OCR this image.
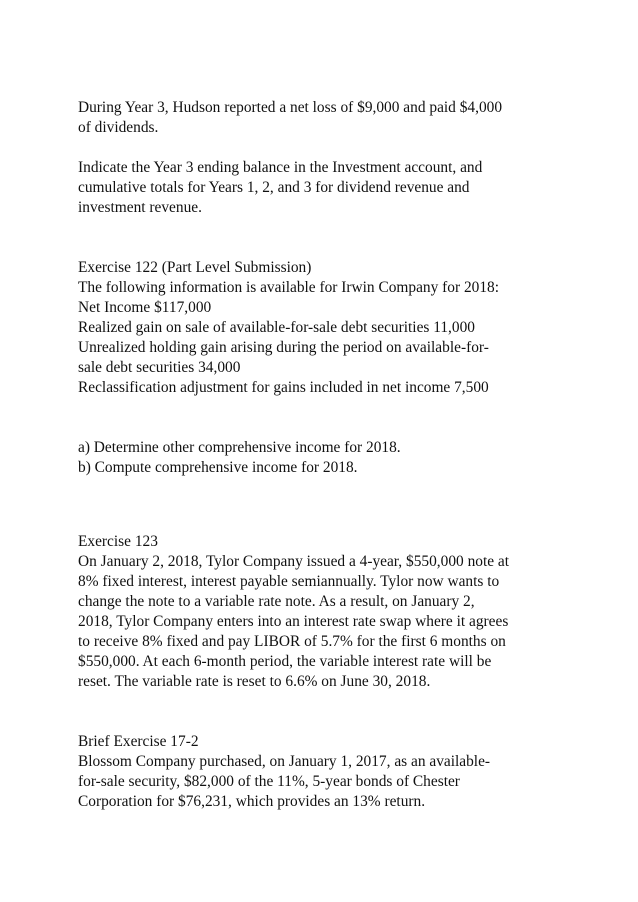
During Year 3, Hudson reported a net loss of $9,000 and paid $4,000
of dividends.
Indicate the Year 3 ending balance in the Investment account, and
cumulative totals for Years 1, 2, and 3 for dividend revenue and
investment revenue.
Exercise 122 (Part Level Submission)
The following information is available for Irwin Company for 2018:
Net Income $117,000
Realized gain on sale of available-for-sale debt securities 11,000
Unrealized holding gain arising during the period on available-for-
sale debt securities 34,000
Reclassification adjustment for gains included in net income 7,500
a) Determine other comprehensive income for 2018.
b) Compute comprehensive income for 2018.
Exercise 123
On January 2, 2018, Tylor Company issued a 4-year, $550,000 note at
8% fixed interest, interest payable semiannually. Tylor now wants to
change the note to a variable rate note. As a result, on January 2,
2018, Tylor Company enters into an interest rate swap where it agrees
to receive 8% fixed and pay LIBOR of 5.7% for the first 6 months on
$550,000. At each 6-month period, the variable interest rate will be
reset. The variable rate is reset to 6.6% on June 30, 2018.
Brief Exercise 17-2
Blossom Company purchased, on January 1, 2017, as an available-
for-sale security, $82,000 of the 11%, 5-year bonds of Chester
Corporation for $76,231, which provides an 13% return.
